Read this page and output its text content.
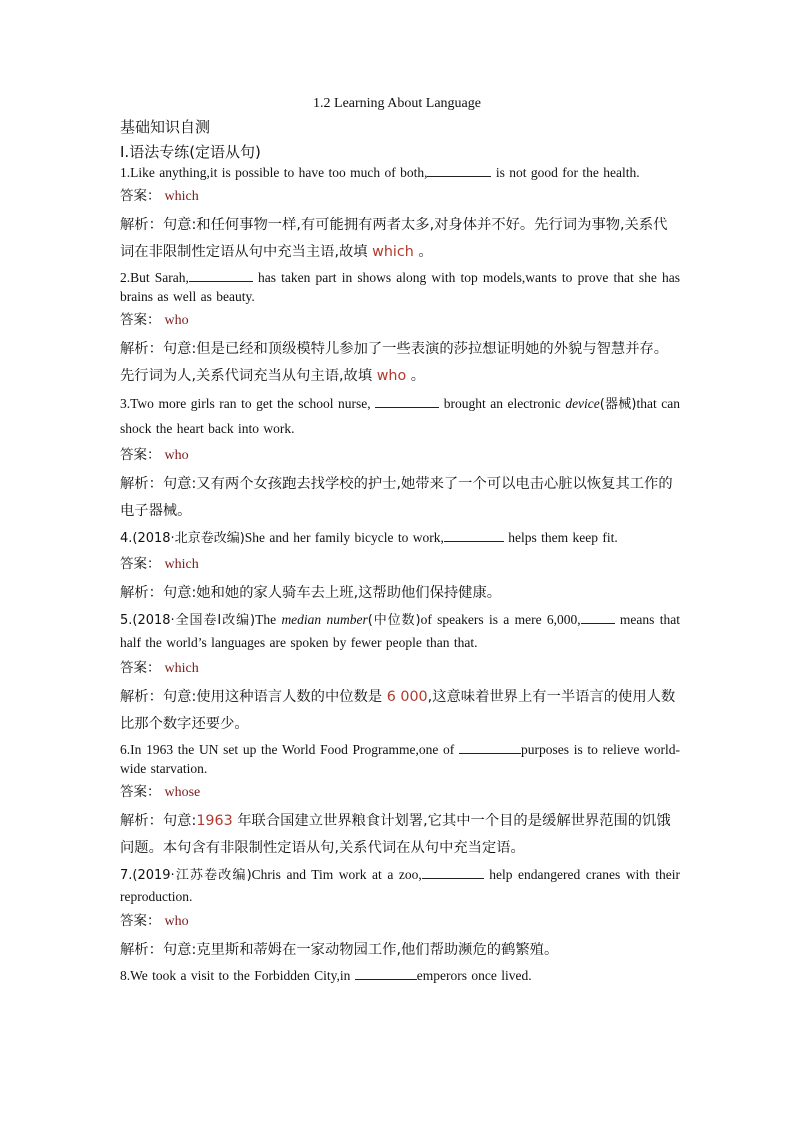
1.2 Learning About Language
基础知识自测
Ⅰ.语法专练(定语从句)

1.Like anything,it is possible to have too much of both,	is not good for the health.

答案： which

解析：句意:和任何事物一样,有可能拥有两者太多,对身体并不好。先行词为事物,关系代词在非限制性定语从句中充当主语,故填 which 。

2.But Sarah,	has taken part in shows along with top models,wants to prove that she has brains as well as beauty.

答案： who

解析：句意:但是已经和顶级模特儿参加了一些表演的莎拉想证明她的外貌与智慧并存。先行词为人,关系代词充当从句主语,故填 who 。

3.Two more girls ran to get the school nurse,	brought an electronic device(器械)that can shock the heart back into work.

答案： who

解析：句意:又有两个女孩跑去找学校的护士,她带来了一个可以电击心脏以恢复其工作的电子器械。

4.(2018·北京卷改编)She and her family bicycle to work,	helps them keep fit.

答案： which

解析：句意:她和她的家人骑车去上班,这帮助他们保持健康。

5.(2018·全国卷Ⅰ改编)The median number(中位数)of speakers is a mere 6,000,	means that half the world’s languages are spoken by fewer people than that.

答案： which

解析：句意:使用这种语言人数的中位数是 6 000,这意味着世界上有一半语言的使用人数比那个数字还要少。

6.In 1963 the UN set up the World Food Programme,one of	purposes is to relieve world-wide starvation.

答案： whose

解析：句意:1963 年联合国建立世界粮食计划署,它其中一个目的是缓解世界范围的饥饿问题。本句含有非限制性定语从句,关系代词在从句中充当定语。

7.(2019·江苏卷改编)Chris and Tim work at a zoo,	help endangered cranes with their reproduction.

答案： who

解析：句意:克里斯和蒂姆在一家动物园工作,他们帮助濒危的鹤繁殖。

8.We took a visit to the Forbidden City,in	emperors once lived.
